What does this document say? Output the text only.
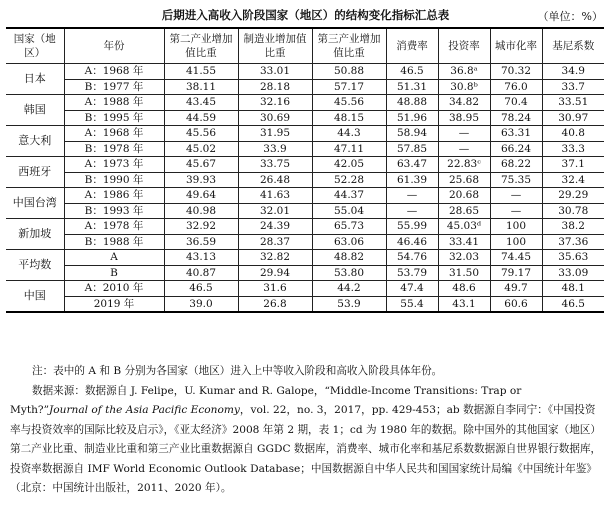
后期进入高收入阶段国家（地区）的结构变化指标汇总表	（单位：%）
国家（地区）	年份	第二产业增加值比重	制造业增加值比重	第三产业增加值比重	消费率	投资率	城市化率	基尼系数
日本	A：1968 年	41.55	33.01	50.88	46.5	36.8ᵃ	70.32	34.9
	B：1977 年	38.11	28.18	57.17	51.31	30.8ᵇ	76.0	33.7
韩国	A：1988 年	43.45	32.16	45.56	48.88	34.82	70.4	33.51
	B：1995 年	44.59	30.69	48.15	51.96	38.95	78.24	30.97
意大利	A：1968 年	45.56	31.95	44.3	58.94	—	63.31	40.8
	B：1978 年	45.02	33.9	47.11	57.85	—	66.24	33.3
西班牙	A：1973 年	45.67	33.75	42.05	63.47	22.83ᶜ	68.22	37.1
	B：1990 年	39.93	26.48	52.28	61.39	25.68	75.35	32.4
中国台湾	A：1986 年	49.64	41.63	44.37	—	20.68	—	29.29
	B：1993 年	40.98	32.01	55.04	—	28.65	—	30.78
新加坡	A：1978 年	32.92	24.39	65.73	55.99	45.03ᵈ	100	38.2
	B：1988 年	36.59	28.37	63.06	46.46	33.41	100	37.36
平均数	A	43.13	32.82	48.82	54.76	32.03	74.45	35.63
	B	40.87	29.94	53.80	53.79	31.50	79.17	33.09
中国	A：2010 年	46.5	31.6	44.2	47.4	48.6	49.7	48.1
	2019 年	39.0	26.8	53.9	55.4	43.1	60.6	46.5

注：表中的 A 和 B 分别为各国家（地区）进入上中等收入阶段和高收入阶段具体年份。

数据来源：数据源自 J. Felipe，U. Kumar and R. Galope，“Middle-Income Transitions: Trap or Myth?”Journal of the Asia Pacific Economy，vol. 22，no. 3，2017，pp. 429-453；ab 数据源自李同宁：《中国投资率与投资效率的国际比较及启示》，《亚太经济》2008 年第 2 期，表 1；cd 为 1980 年的数据。除中国外的其他国家（地区）第二产业比重、制造业比重和第三产业比重数据源自 GGDC 数据库，消费率、城市化率和基尼系数数据源自世界银行数据库，投资率数据源自 IMF World Economic Outlook Database；中国数据源自中华人民共和国国家统计局编《中国统计年鉴》（北京：中国统计出版社，2011、2020 年）。
